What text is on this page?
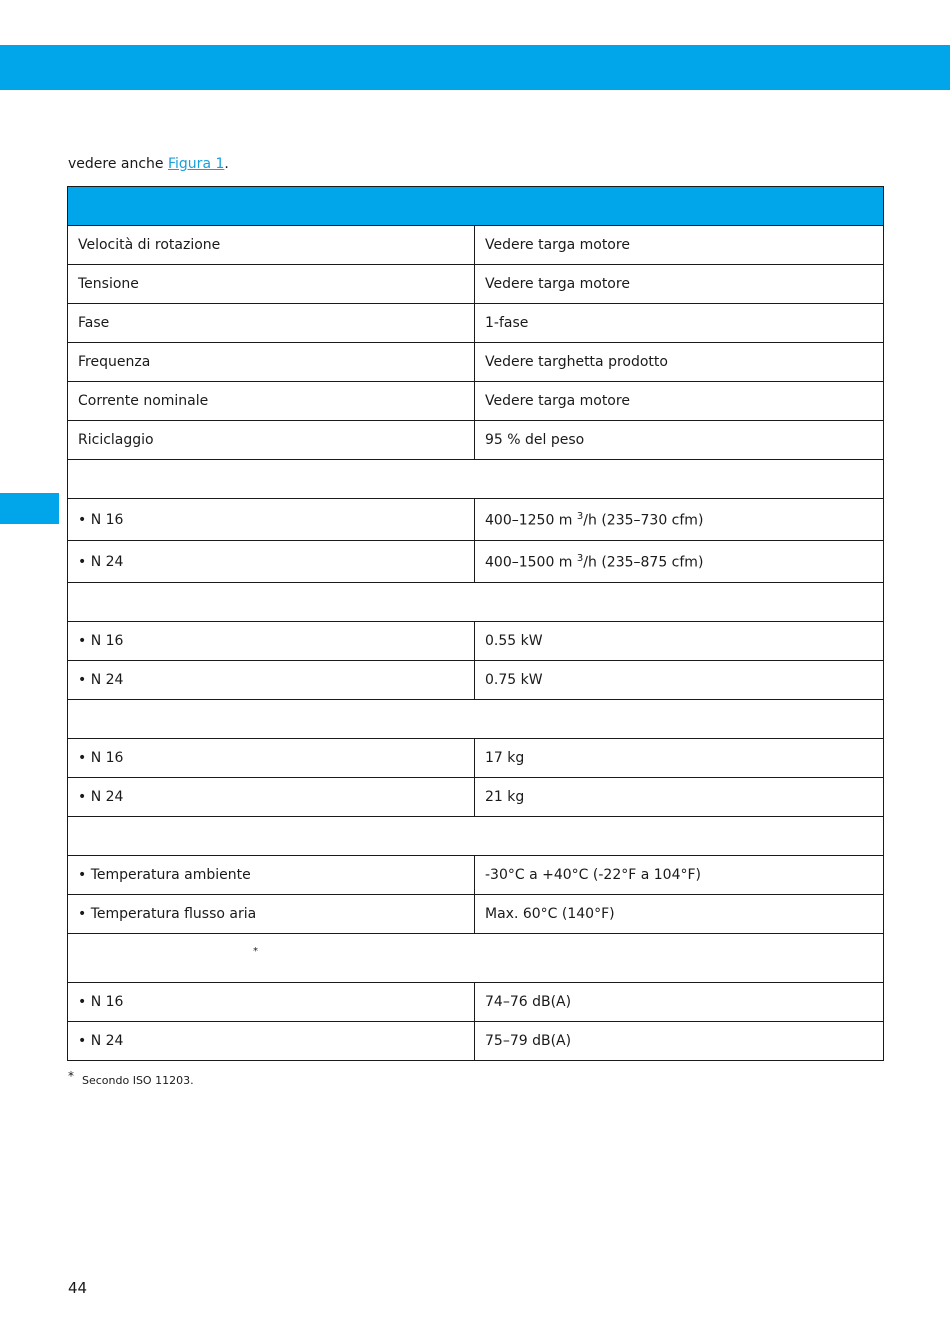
vedere anche Figura 1.

Velocità di rotazione	Vedere targa motore
Tensione	Vedere targa motore
Fase	1-fase
Frequenza	Vedere targhetta prodotto
Corrente nominale	Vedere targa motore
Riciclaggio	95 % del peso

• N 16	400–1250 m $^3$/h (235–730 cfm)
• N 24	400–1500 m $^3$/h (235–875 cfm)

• N 16	0.55 kW
• N 24	0.75 kW

• N 16	17 kg
• N 24	21 kg

• Temperatura ambiente	-30°C a +40°C (-22°F a 104°F)
• Temperatura flusso aria	Max. 60°C (140°F)
*	
• N 16	74–76 dB(A)
• N 24	75–79 dB(A)
* Secondo ISO 11203.
44
